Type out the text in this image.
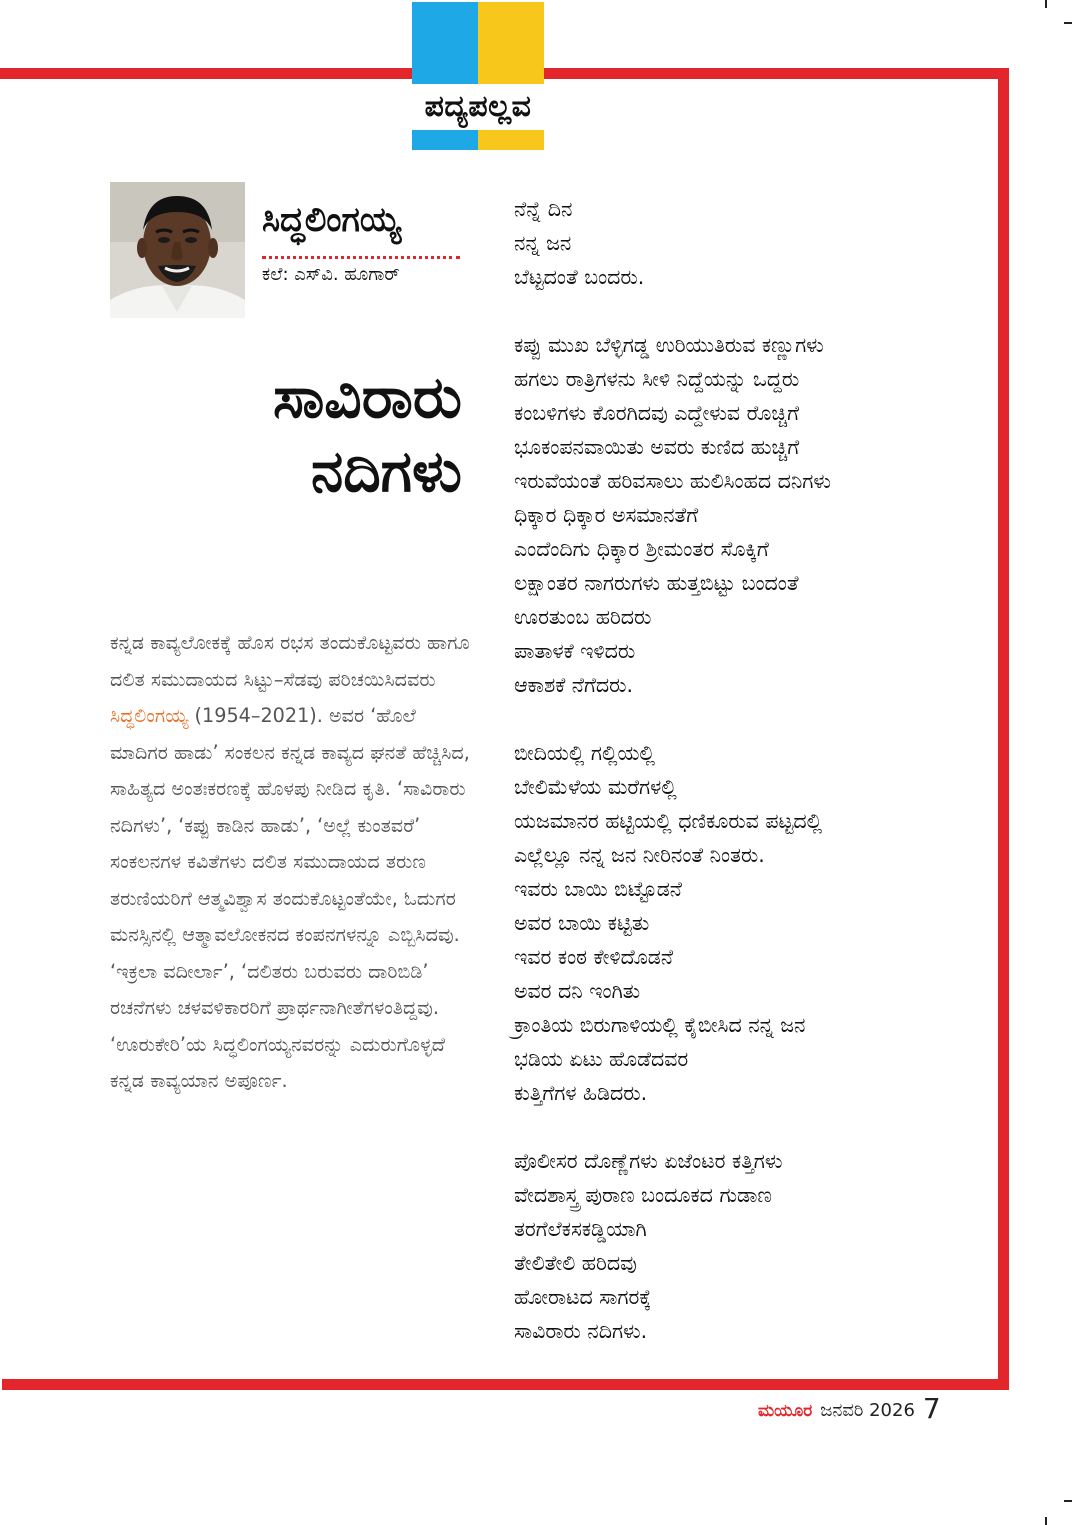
ಪದ್ಯಪಲ್ಲವ
ಸಿದ್ಧಲಿಂಗಯ್ಯ
ಕಲೆ: ಎಸ್‌ವಿ. ಹೂಗಾರ್
ಸಾವಿರಾರು
ನದಿಗಳು
ಕನ್ನಡ ಕಾವ್ಯಲೋಕಕ್ಕೆ ಹೊಸ ರಭಸ ತಂದುಕೊಟ್ಟವರು ಹಾಗೂ ದಲಿತ ಸಮುದಾಯದ ಸಿಟ್ಟು–ಸೆಡವು ಪರಿಚಯಿಸಿದವರು ಸಿದ್ಧಲಿಂಗಯ್ಯ (1954–2021). ಅವರ ‘ಹೊಲೆ ಮಾದಿಗರ ಹಾಡು’ ಸಂಕಲನ ಕನ್ನಡ ಕಾವ್ಯದ ಘನತೆ ಹೆಚ್ಚಿಸಿದ, ಸಾಹಿತ್ಯದ ಅಂತಃಕರಣಕ್ಕೆ ಹೊಳಪು ನೀಡಿದ ಕೃತಿ. ‘ಸಾವಿರಾರು ನದಿಗಳು’, ‘ಕಪ್ಪು ಕಾಡಿನ ಹಾಡು’, ‘ಅಲ್ಲೆ ಕುಂತವರೆ’ ಸಂಕಲನಗಳ ಕವಿತೆಗಳು ದಲಿತ ಸಮುದಾಯದ ತರುಣ ತರುಣಿಯರಿಗೆ ಆತ್ಮವಿಶ್ವಾಸ ತಂದುಕೊಟ್ಟಂತೆಯೇ, ಓದುಗರ ಮನಸ್ಸಿನಲ್ಲಿ ಆತ್ಮಾವಲೋಕನದ ಕಂಪನಗಳನ್ನೂ ಎಬ್ಬಿಸಿದವು. ‘ಇಕ್ರಲಾ ವದೀರ್ಲಾ’, ‘ದಲಿತರು ಬರುವರು ದಾರಿಬಿಡಿ’ ರಚನೆಗಳು ಚಳವಳಿಕಾರರಿಗೆ ಪ್ರಾರ್ಥನಾಗೀತೆಗಳಂತಿದ್ದವು. ‘ಊರುಕೇರಿ’ಯ ಸಿದ್ಧಲಿಂಗಯ್ಯನವರನ್ನು ಎದುರುಗೊಳ್ಳದೆ ಕನ್ನಡ ಕಾವ್ಯಯಾನ ಅಪೂರ್ಣ.
ನೆನ್ನೆ ದಿನ
ನನ್ನ ಜನ
ಬೆಟ್ಟದಂತೆ ಬಂದರು.
ಕಪ್ಪು ಮುಖ ಬೆಳ್ಳಿಗಡ್ಡ ಉರಿಯುತಿರುವ ಕಣ್ಣುಗಳು
ಹಗಲು ರಾತ್ರಿಗಳನು ಸೀಳಿ ನಿದ್ದೆಯನ್ನು ಒದ್ದರು
ಕಂಬಳಿಗಳು ಕೊರಗಿದವು ಎದ್ದೇಳುವ ರೊಚ್ಚಿಗೆ
ಭೂಕಂಪನವಾಯಿತು ಅವರು ಕುಣಿದ ಹುಚ್ಚಿಗೆ
ಇರುವೆಯಂತೆ ಹರಿವಸಾಲು ಹುಲಿಸಿಂಹದ ದನಿಗಳು
ಧಿಕ್ಕಾರ ಧಿಕ್ಕಾರ ಅಸಮಾನತೆಗೆ
ಎಂದೆಂದಿಗು ಧಿಕ್ಕಾರ ಶ್ರೀಮಂತರ ಸೊಕ್ಕಿಗೆ
ಲಕ್ಷಾಂತರ ನಾಗರುಗಳು ಹುತ್ತಬಿಟ್ಟು ಬಂದಂತೆ
ಊರತುಂಬ ಹರಿದರು
ಪಾತಾಳಕೆ ಇಳಿದರು
ಆಕಾಶಕೆ ನೆಗೆದರು.
ಬೀದಿಯಲ್ಲಿ ಗಲ್ಲಿಯಲ್ಲಿ
ಬೇಲಿಮೆಳೆಯ ಮರೆಗಳಲ್ಲಿ
ಯಜಮಾನರ ಹಟ್ಟಿಯಲ್ಲಿ ಧಣಿಕೂರುವ ಪಟ್ಟದಲ್ಲಿ
ಎಲ್ಲೆಲ್ಲೂ ನನ್ನ ಜನ ನೀರಿನಂತೆ ನಿಂತರು.
ಇವರು ಬಾಯಿ ಬಿಟ್ಟೊಡನೆ
ಅವರ ಬಾಯಿ ಕಟ್ಟಿತು
ಇವರ ಕಂಠ ಕೇಳಿದೊಡನೆ
ಅವರ ದನಿ ಇಂಗಿತು
ಕ್ರಾಂತಿಯ ಬಿರುಗಾಳಿಯಲ್ಲಿ ಕೈಬೀಸಿದ ನನ್ನ ಜನ
ಭಡಿಯ ಏಟು ಹೊಡೆದವರ
ಕುತ್ತಿಗೆಗಳ ಹಿಡಿದರು.
ಪೊಲೀಸರ ದೊಣ್ಣೆಗಳು ಏಜೆಂಟರ ಕತ್ತಿಗಳು
ವೇದಶಾಸ್ತ್ರ ಪುರಾಣ ಬಂದೂಕದ ಗುಡಾಣ
ತರಗೆಲೆಕಸಕಡ್ಡಿಯಾಗಿ
ತೇಲಿತೇಲಿ ಹರಿದವು
ಹೋರಾಟದ ಸಾಗರಕ್ಕೆ
ಸಾವಿರಾರು ನದಿಗಳು.
ಮಯೂರ ಜನವರಿ 2026 7
